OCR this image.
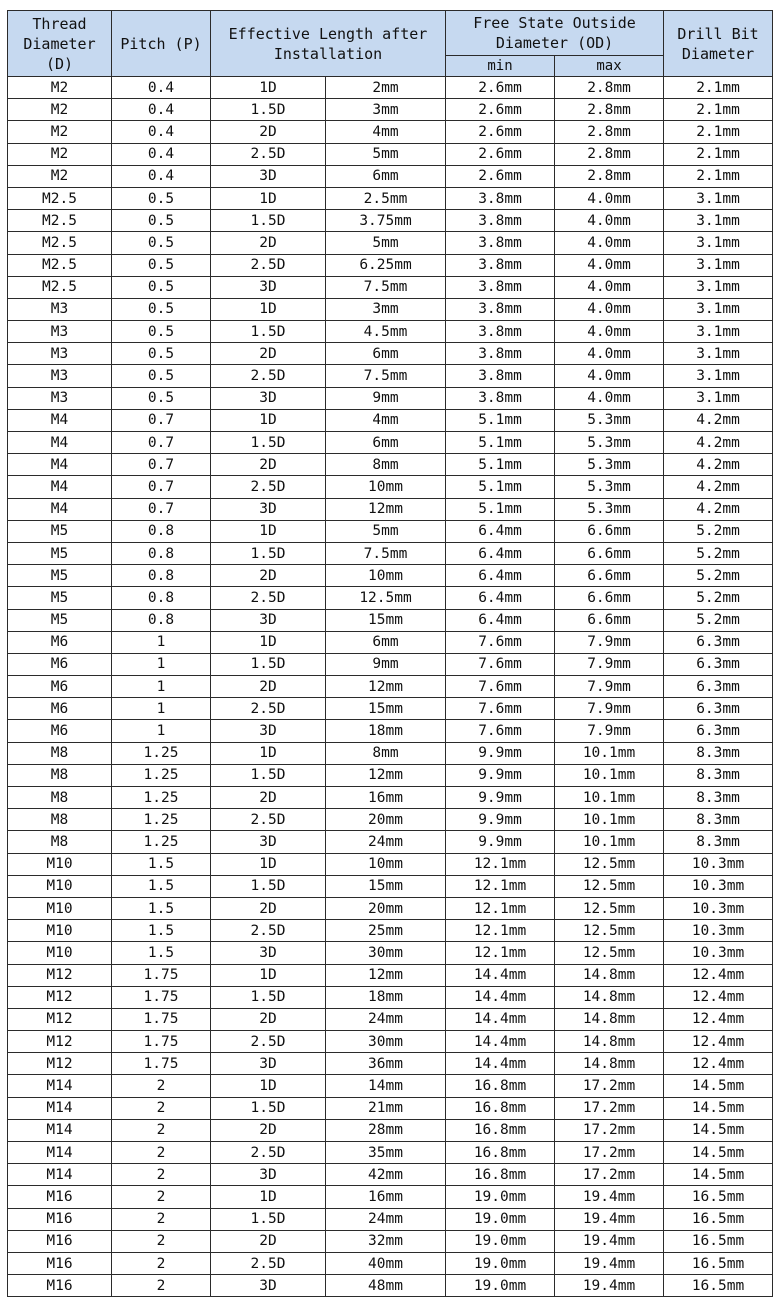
Thread Diameter (D)	Pitch (P)	Effective Length after Installation		Free State Outside Diameter (OD)		Drill Bit Diameter
				min	max	
M2	0.4	1D	2mm	2.6mm	2.8mm	2.1mm
M2	0.4	1.5D	3mm	2.6mm	2.8mm	2.1mm
M2	0.4	2D	4mm	2.6mm	2.8mm	2.1mm
M2	0.4	2.5D	5mm	2.6mm	2.8mm	2.1mm
M2	0.4	3D	6mm	2.6mm	2.8mm	2.1mm
M2.5	0.5	1D	2.5mm	3.8mm	4.0mm	3.1mm
M2.5	0.5	1.5D	3.75mm	3.8mm	4.0mm	3.1mm
M2.5	0.5	2D	5mm	3.8mm	4.0mm	3.1mm
M2.5	0.5	2.5D	6.25mm	3.8mm	4.0mm	3.1mm
M2.5	0.5	3D	7.5mm	3.8mm	4.0mm	3.1mm
M3	0.5	1D	3mm	3.8mm	4.0mm	3.1mm
M3	0.5	1.5D	4.5mm	3.8mm	4.0mm	3.1mm
M3	0.5	2D	6mm	3.8mm	4.0mm	3.1mm
M3	0.5	2.5D	7.5mm	3.8mm	4.0mm	3.1mm
M3	0.5	3D	9mm	3.8mm	4.0mm	3.1mm
M4	0.7	1D	4mm	5.1mm	5.3mm	4.2mm
M4	0.7	1.5D	6mm	5.1mm	5.3mm	4.2mm
M4	0.7	2D	8mm	5.1mm	5.3mm	4.2mm
M4	0.7	2.5D	10mm	5.1mm	5.3mm	4.2mm
M4	0.7	3D	12mm	5.1mm	5.3mm	4.2mm
M5	0.8	1D	5mm	6.4mm	6.6mm	5.2mm
M5	0.8	1.5D	7.5mm	6.4mm	6.6mm	5.2mm
M5	0.8	2D	10mm	6.4mm	6.6mm	5.2mm
M5	0.8	2.5D	12.5mm	6.4mm	6.6mm	5.2mm
M5	0.8	3D	15mm	6.4mm	6.6mm	5.2mm
M6	1	1D	6mm	7.6mm	7.9mm	6.3mm
M6	1	1.5D	9mm	7.6mm	7.9mm	6.3mm
M6	1	2D	12mm	7.6mm	7.9mm	6.3mm
M6	1	2.5D	15mm	7.6mm	7.9mm	6.3mm
M6	1	3D	18mm	7.6mm	7.9mm	6.3mm
M8	1.25	1D	8mm	9.9mm	10.1mm	8.3mm
M8	1.25	1.5D	12mm	9.9mm	10.1mm	8.3mm
M8	1.25	2D	16mm	9.9mm	10.1mm	8.3mm
M8	1.25	2.5D	20mm	9.9mm	10.1mm	8.3mm
M8	1.25	3D	24mm	9.9mm	10.1mm	8.3mm
M10	1.5	1D	10mm	12.1mm	12.5mm	10.3mm
M10	1.5	1.5D	15mm	12.1mm	12.5mm	10.3mm
M10	1.5	2D	20mm	12.1mm	12.5mm	10.3mm
M10	1.5	2.5D	25mm	12.1mm	12.5mm	10.3mm
M10	1.5	3D	30mm	12.1mm	12.5mm	10.3mm
M12	1.75	1D	12mm	14.4mm	14.8mm	12.4mm
M12	1.75	1.5D	18mm	14.4mm	14.8mm	12.4mm
M12	1.75	2D	24mm	14.4mm	14.8mm	12.4mm
M12	1.75	2.5D	30mm	14.4mm	14.8mm	12.4mm
M12	1.75	3D	36mm	14.4mm	14.8mm	12.4mm
M14	2	1D	14mm	16.8mm	17.2mm	14.5mm
M14	2	1.5D	21mm	16.8mm	17.2mm	14.5mm
M14	2	2D	28mm	16.8mm	17.2mm	14.5mm
M14	2	2.5D	35mm	16.8mm	17.2mm	14.5mm
M14	2	3D	42mm	16.8mm	17.2mm	14.5mm
M16	2	1D	16mm	19.0mm	19.4mm	16.5mm
M16	2	1.5D	24mm	19.0mm	19.4mm	16.5mm
M16	2	2D	32mm	19.0mm	19.4mm	16.5mm
M16	2	2.5D	40mm	19.0mm	19.4mm	16.5mm
M16	2	3D	48mm	19.0mm	19.4mm	16.5mm
